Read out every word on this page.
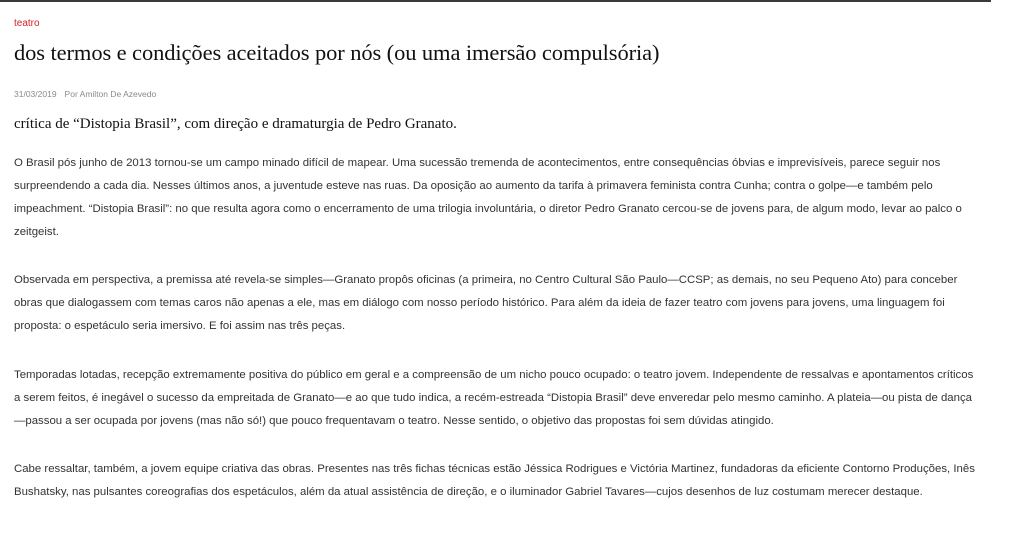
teatro
dos termos e condições aceitados por nós (ou uma imersão compulsória)
31/03/2019 Por Amilton De Azevedo
crítica de “Distopia Brasil”, com direção e dramaturgia de Pedro Granato.

O Brasil pós junho de 2013 tornou-se um campo minado difícil de mapear. Uma sucessão tremenda de acontecimentos, entre consequências óbvias e imprevisíveis, parece seguir nos surpreendendo a cada dia. Nesses últimos anos, a juventude esteve nas ruas. Da oposição ao aumento da tarifa à primavera feminista contra Cunha; contra o golpe—e também pelo impeachment. “Distopia Brasil”: no que resulta agora como o encerramento de uma trilogia involuntária, o diretor Pedro Granato cercou-se de jovens para, de algum modo, levar ao palco o zeitgeist.

Observada em perspectiva, a premissa até revela-se simples—Granato propôs oficinas (a primeira, no Centro Cultural São Paulo—CCSP; as demais, no seu Pequeno Ato) para conceber obras que dialogassem com temas caros não apenas a ele, mas em diálogo com nosso período histórico. Para além da ideia de fazer teatro com jovens para jovens, uma linguagem foi proposta: o espetáculo seria imersivo. E foi assim nas três peças.

Temporadas lotadas, recepção extremamente positiva do público em geral e a compreensão de um nicho pouco ocupado: o teatro jovem. Independente de ressalvas e apontamentos críticos a serem feitos, é inegável o sucesso da empreitada de Granato—e ao que tudo indica, a recém-estreada “Distopia Brasil” deve enveredar pelo mesmo caminho. A plateia—ou pista de dança—passou a ser ocupada por jovens (mas não só!) que pouco frequentavam o teatro. Nesse sentido, o objetivo das propostas foi sem dúvidas atingido.

Cabe ressaltar, também, a jovem equipe criativa das obras. Presentes nas três fichas técnicas estão Jéssica Rodrigues e Victória Martinez, fundadoras da eficiente Contorno Produções, Inês Bushatsky, nas pulsantes coreografias dos espetáculos, além da atual assistência de direção, e o iluminador Gabriel Tavares—cujos desenhos de luz costumam merecer destaque.
